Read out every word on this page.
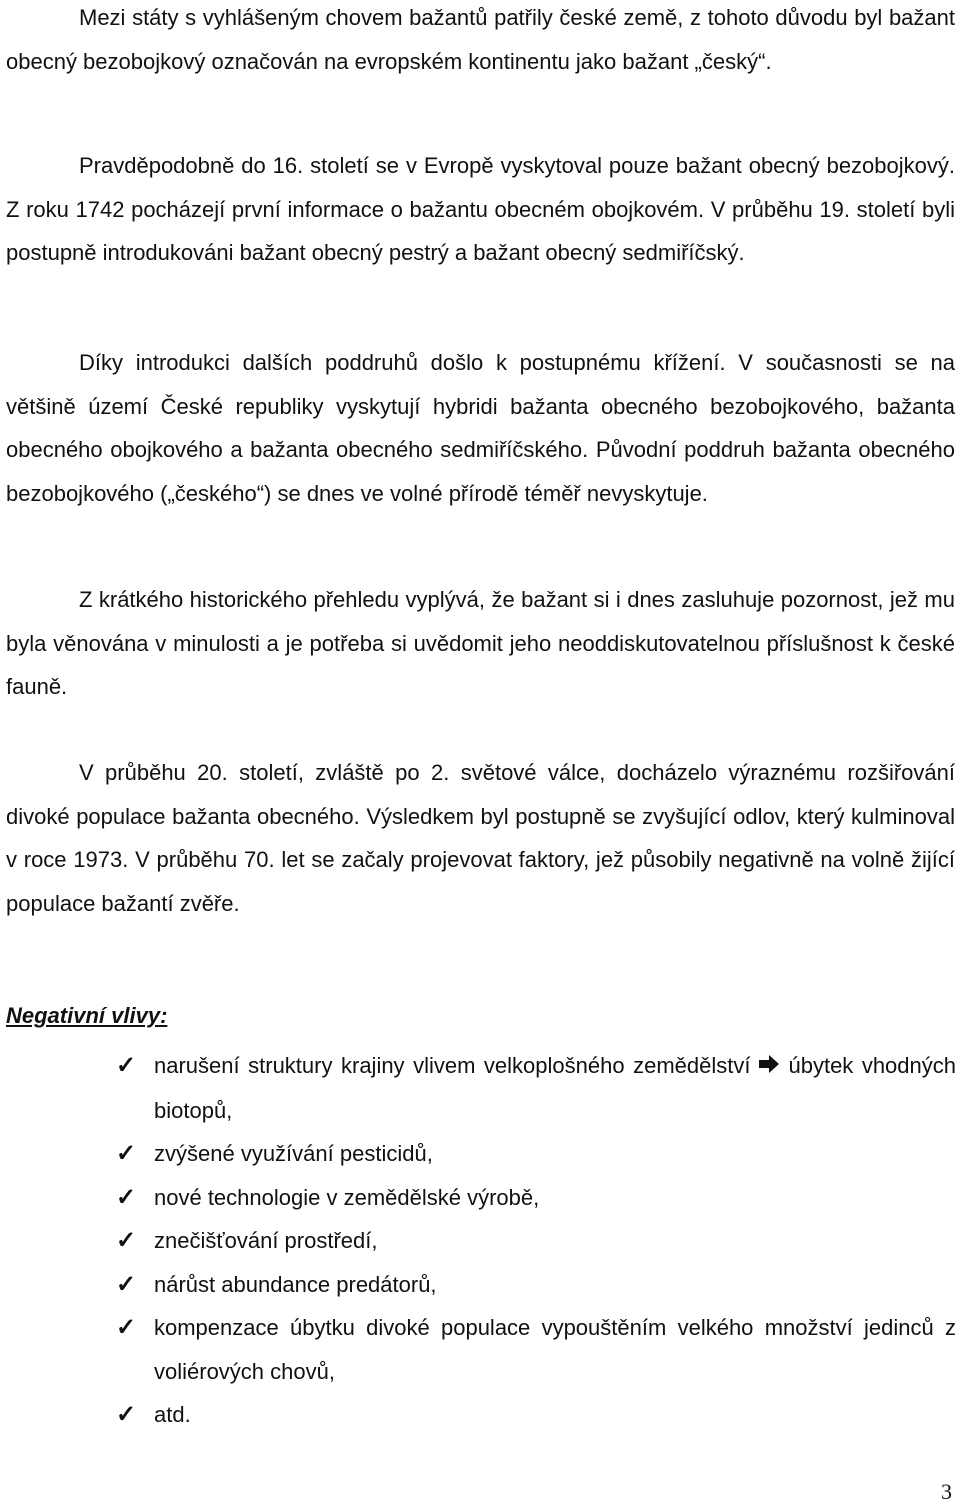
Mezi státy s vyhlášeným chovem bažantů patřily české země, z tohoto důvodu byl bažant obecný bezobojkový označován na evropském kontinentu jako bažant „český“.

Pravděpodobně do 16. století se v Evropě vyskytoval pouze bažant obecný bezobojkový. Z roku 1742 pocházejí první informace o bažantu obecném obojkovém. V průběhu 19. století byli postupně introdukováni bažant obecný pestrý a bažant obecný sedmiříčský.

Díky introdukci dalších poddruhů došlo k postupnému křížení. V současnosti se na většině území České republiky vyskytují hybridi bažanta obecného bezobojkového, bažanta obecného obojkového a bažanta obecného sedmiříčského. Původní poddruh bažanta obecného bezobojkového („českého“) se dnes ve volné přírodě téměř nevyskytuje.

Z krátkého historického přehledu vyplývá, že bažant si i dnes zasluhuje pozornost, jež mu byla věnována v minulosti a je potřeba si uvědomit jeho neoddiskutovatelnou příslušnost k české fauně.

V průběhu 20. století, zvláště po 2. světové válce, docházelo výraznému rozšiřování divoké populace bažanta obecného. Výsledkem byl postupně se zvyšující odlov, který kulminoval v roce 1973. V průběhu 70. let se začaly projevovat faktory, jež působily negativně na volně žijící populace bažantí zvěře.

Negativní vlivy:
✓ narušení struktury krajiny vlivem velkoplošného zemědělství úbytek vhodných biotopů,
✓ zvýšené využívání pesticidů,
✓ nové technologie v zemědělské výrobě,
✓ znečišťování prostředí,
✓ nárůst abundance predátorů,
✓ kompenzace úbytku divoké populace vypouštěním velkého množství jedinců z voliérových chovů,
✓ atd.
3
